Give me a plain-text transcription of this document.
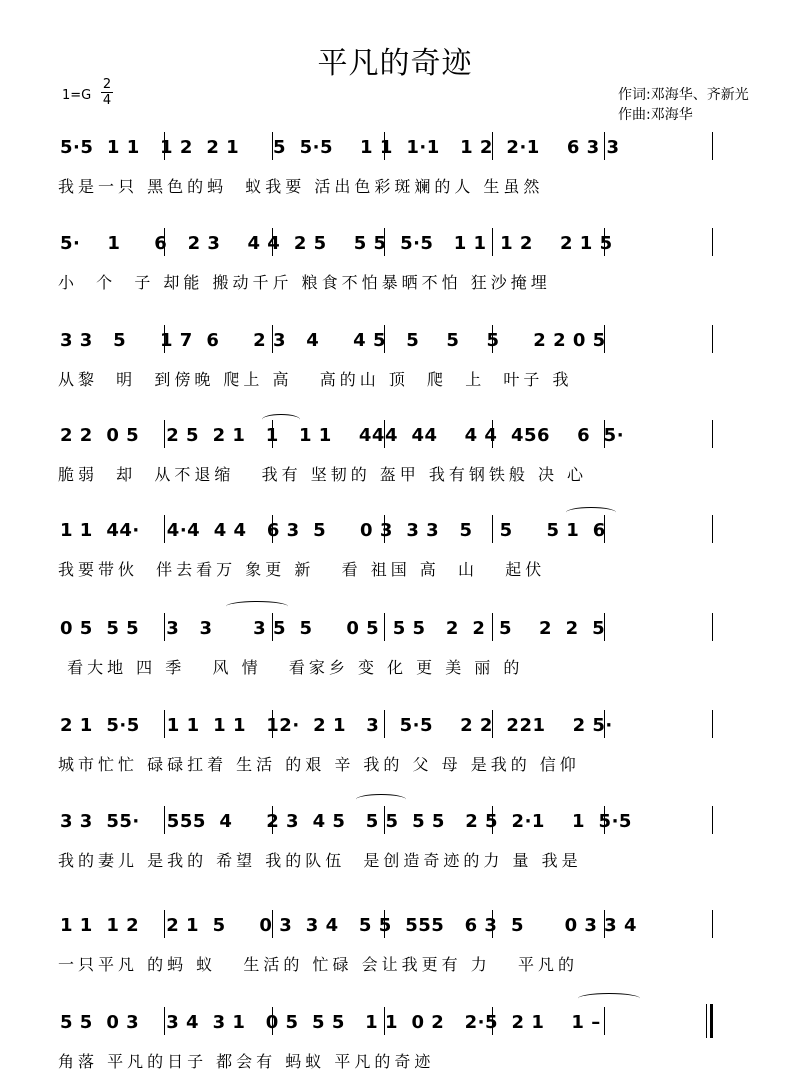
平凡的奇迹
1=G
2
4	作词:邓海华、齐新光
作曲:邓海华
5·5  1 1   1 2  2 1     5  5·5    1 1  1·1   1 2  2·1    6 3 3
我是一只 黑色的蚂  蚁我要 活出色彩斑斓的人 生虽然
5·    1     6   2 3    4 4  2 5    5 5  5·5   1 1  1 2    2 1 5
小  个  子 却能 搬动千斤 粮食不怕暴晒不怕 狂沙掩埋
3 3   5     1 7  6     2 3   4     4 5   5    5    5     2 2 0 5
从黎  明  到傍晚 爬上 高   高的山 顶  爬  上  叶子 我
2 2  0 5    2 5  2 1   1   1 1    444  44    4 4  456    6  5·
脆弱  却  从不退缩   我有 坚韧的 盔甲 我有钢铁般 决 心
1 1  44·    4·4  4 4   6 3  5     0 3  3 3   5    5     5 1  6
我要带伙  伴去看万 象更 新   看 祖国 高  山   起伏
0 5  5 5    3   3      3 5  5     0 5  5 5   2  2  5    2  2  5
看大地 四 季   风 情   看家乡 变 化 更 美 丽 的
2 1  5·5    1 1  1 1   12·  2 1   3   5·5    2 2  221    2 5·
城市忙忙 碌碌扛着 生活 的艰 辛 我的 父 母 是我的 信仰
3 3  55·    555  4     2 3  4 5   5 5  5 5   2 5  2·1    1  5·5
我的妻儿 是我的 希望 我的队伍  是创造奇迹的力 量 我是
1 1  1 2    2 1  5     0 3  3 4   5 5  555   6 3  5      0 3 3 4
一只平凡 的蚂 蚁   生活的 忙碌 会让我更有 力   平凡的
5 5  0 3    3 4  3 1   0 5  5 5   1 1  0 2   2·5  2 1    1 –
角落 平凡的日子 都会有 蚂蚁 平凡的奇迹
